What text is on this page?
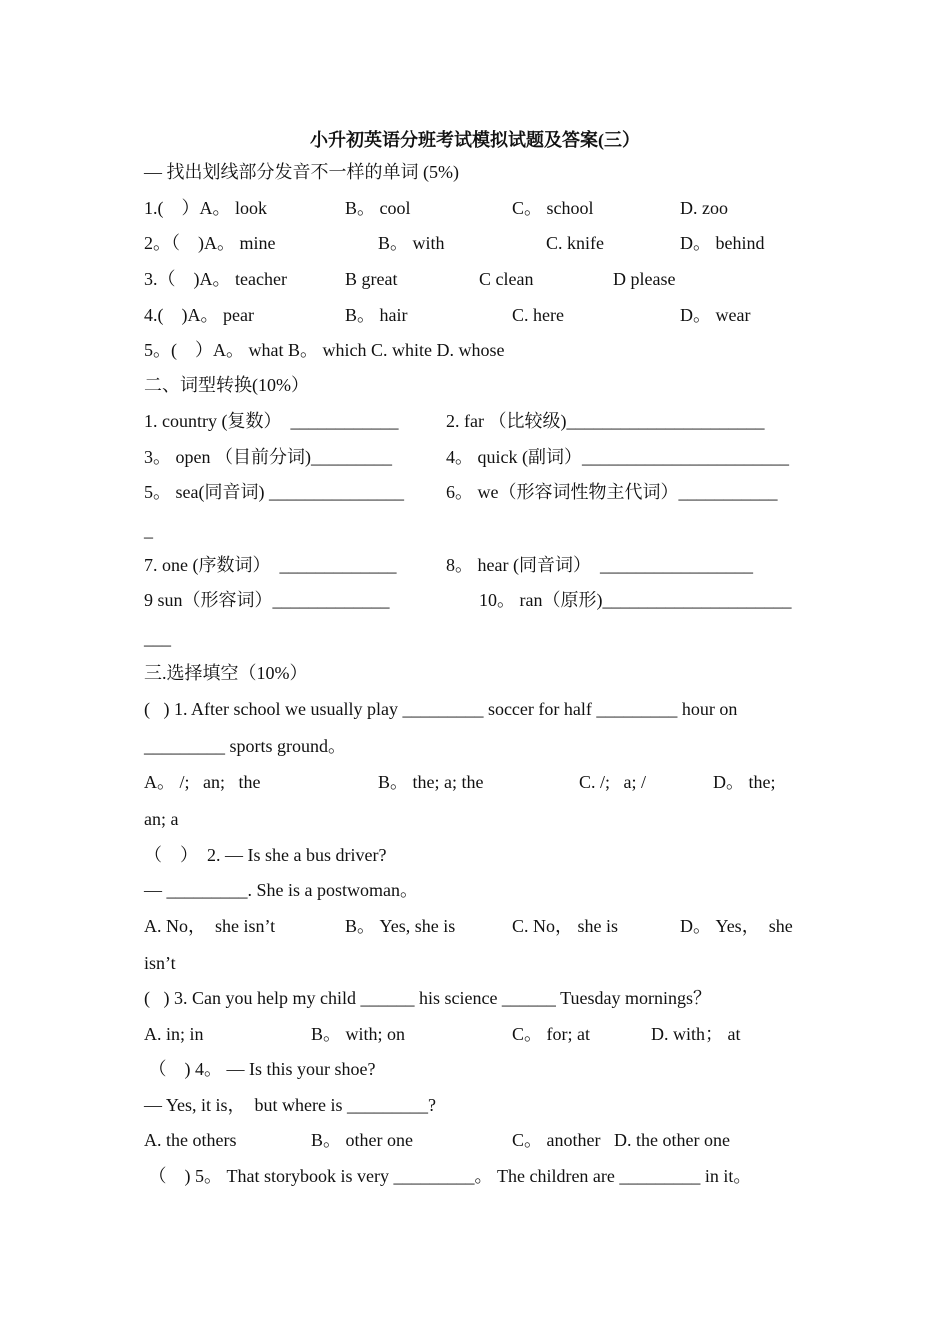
小升初英语分班考试模拟试题及答案(三）
— 找出划线部分发音不一样的单词 (5%)
1.(    ）A。 look	B。 cool	C。 school	D. zoo
2。（    )A。 mine	B。 with	C. knife	D。 behind
3.（    )A。 teacher	B great	C clean	D please
4.(    )A。 pear	B。 hair	C. here	D。 wear
5。(    ）A。 what B。 which C. white D. whose
二、词型转换(10%）
1. country (复数）  ____________	2. far （比较级)______________________
3。 open （目前分词)_________	4。 quick (副词）_______________________
5。 sea(同音词) _______________ 6。 we（形容词性物主代词）___________
_
7. one (序数词）  _____________	8。 hear (同音词）  _________________
9 sun（形容词）_____________	10。 ran（原形)_____________________
___
三.选择填空（10%）
(   ) 1. After school we usually play _________ soccer for half _________ hour on
_________ sports ground。
A。 /;   an;   the	B。 the; a; the	C. /;   a; /	D。 the;
an; a
（    ）  2. — Is she a bus driver?
— _________. She is a postwoman。
A. No，  she isn’t	B。 Yes, she is	C. No， she is	D。 Yes，  she
isn’t
(   ) 3. Can you help my child ______ his science ______ Tuesday mornings？
A. in; in	B。 with; on	C。 for; at	D. with； at
（    ) 4。 — Is this your shoe?
— Yes, it is，  but where is _________?
A. the others	B。 other one	C。 another   D. the other one
（    ) 5。 That storybook is very _________。 The children are _________ in it。
